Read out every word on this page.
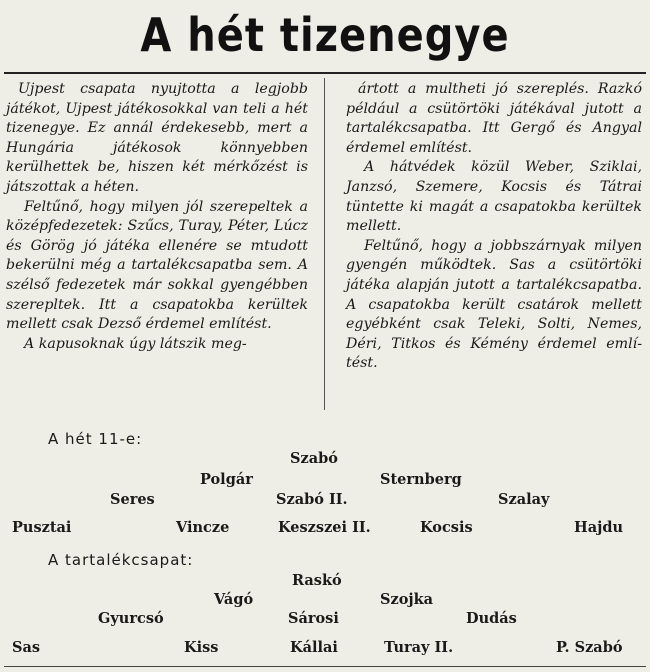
A hét tizenegye

Ujpest csapata nyujtotta a legjobb játékot, Ujpest játékosokkal van teli a hét tizenegye. Ez annál érdekesebb, mert a Hungária játékosok könnyebben kerülhettek be, hiszen két mérkőzést is játszottak a héten.

Feltűnő, hogy milyen jól szerepeltek a középfedezetek: Szűcs, Turay, Péter, Lúcz és Görög jó játéka ellenére se mtudott bekerülni még a tartalékcsapatba sem. A szélső fedezetek már sokkal gyengébben szerepltek. Itt a csapatokba kerültek mellett csak Dezső érdemel említést.

A kapusoknak úgy látszik meg-

ártott a multheti jó szereplés. Razkó például a csütörtöki játékával jutott a tartalékcsapatba. Itt Gergő és Angyal érdemel említést.

A hátvédek közül Weber, Sziklai, Janzsó, Szemere, Kocsis és Tátrai tüntette ki magát a csapatokba kerültek mellett.

Feltűnő, hogy a jobbszárnyak milyen gyengén működtek. Sas a csütörtöki játéka alapján jutott a tartalékcsapatba. A csapatokba került csatárok mellett egyébként csak Teleki, Solti, Nemes, Déri, Titkos és Kémény érdemel említést.

A hét 11-e:
Szabó
Polgár	Sternberg
Seres	Szabó II.	Szalay
Pusztai	Vincze	Keszszei II.	Kocsis	Hajdu
A tartalékcsapat:
Raskó
Vágó	Szojka
Gyurcsó	Sárosi	Dudás
Sas	Kiss	Kállai	Turay II.	P. Szabó
